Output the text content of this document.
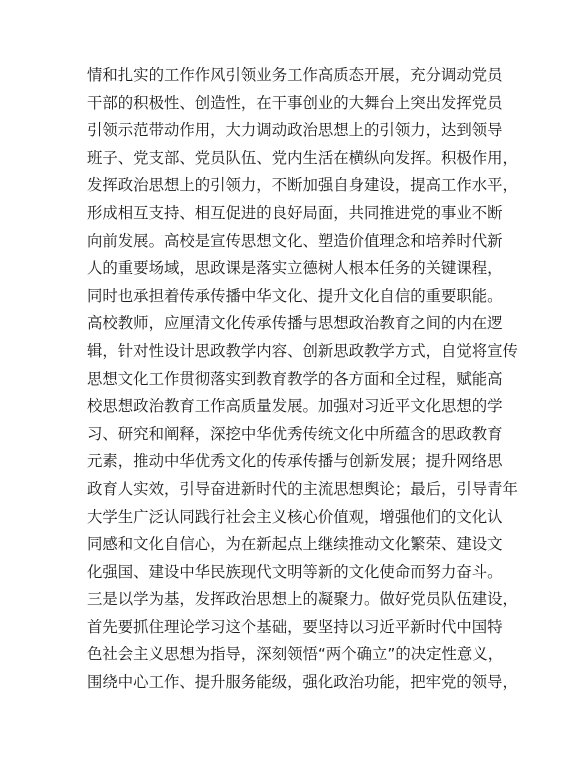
情和扎实的工作作风引领业务工作高质态开展，充分调动党员
干部的积极性、创造性，在干事创业的大舞台上突出发挥党员
引领示范带动作用，大力调动政治思想上的引领力，达到领导
班子、党支部、党员队伍、党内生活在横纵向发挥。积极作用，
发挥政治思想上的引领力，不断加强自身建设，提高工作水平，
形成相互支持、相互促进的良好局面，共同推进党的事业不断
向前发展。高校是宣传思想文化、塑造价值理念和培养时代新
人的重要场域，思政课是落实立德树人根本任务的关键课程，
同时也承担着传承传播中华文化、提升文化自信的重要职能。
高校教师，应厘清文化传承传播与思想政治教育之间的内在逻
辑，针对性设计思政教学内容、创新思政教学方式，自觉将宣传
思想文化工作贯彻落实到教育教学的各方面和全过程，赋能高
校思想政治教育工作高质量发展。加强对习近平文化思想的学
习、研究和阐释，深挖中华优秀传统文化中所蕴含的思政教育
元素，推动中华优秀文化的传承传播与创新发展；提升网络思
政育人实效，引导奋进新时代的主流思想舆论；最后，引导青年
大学生广泛认同践行社会主义核心价值观，增强他们的文化认
同感和文化自信心，为在新起点上继续推动文化繁荣、建设文
化强国、建设中华民族现代文明等新的文化使命而努力奋斗。
三是以学为基，发挥政治思想上的凝聚力。做好党员队伍建设，
首先要抓住理论学习这个基础，要坚持以习近平新时代中国特
色社会主义思想为指导，深刻领悟“两个确立”的决定性意义，
围绕中心工作、提升服务能级，强化政治功能，把牢党的领导，
